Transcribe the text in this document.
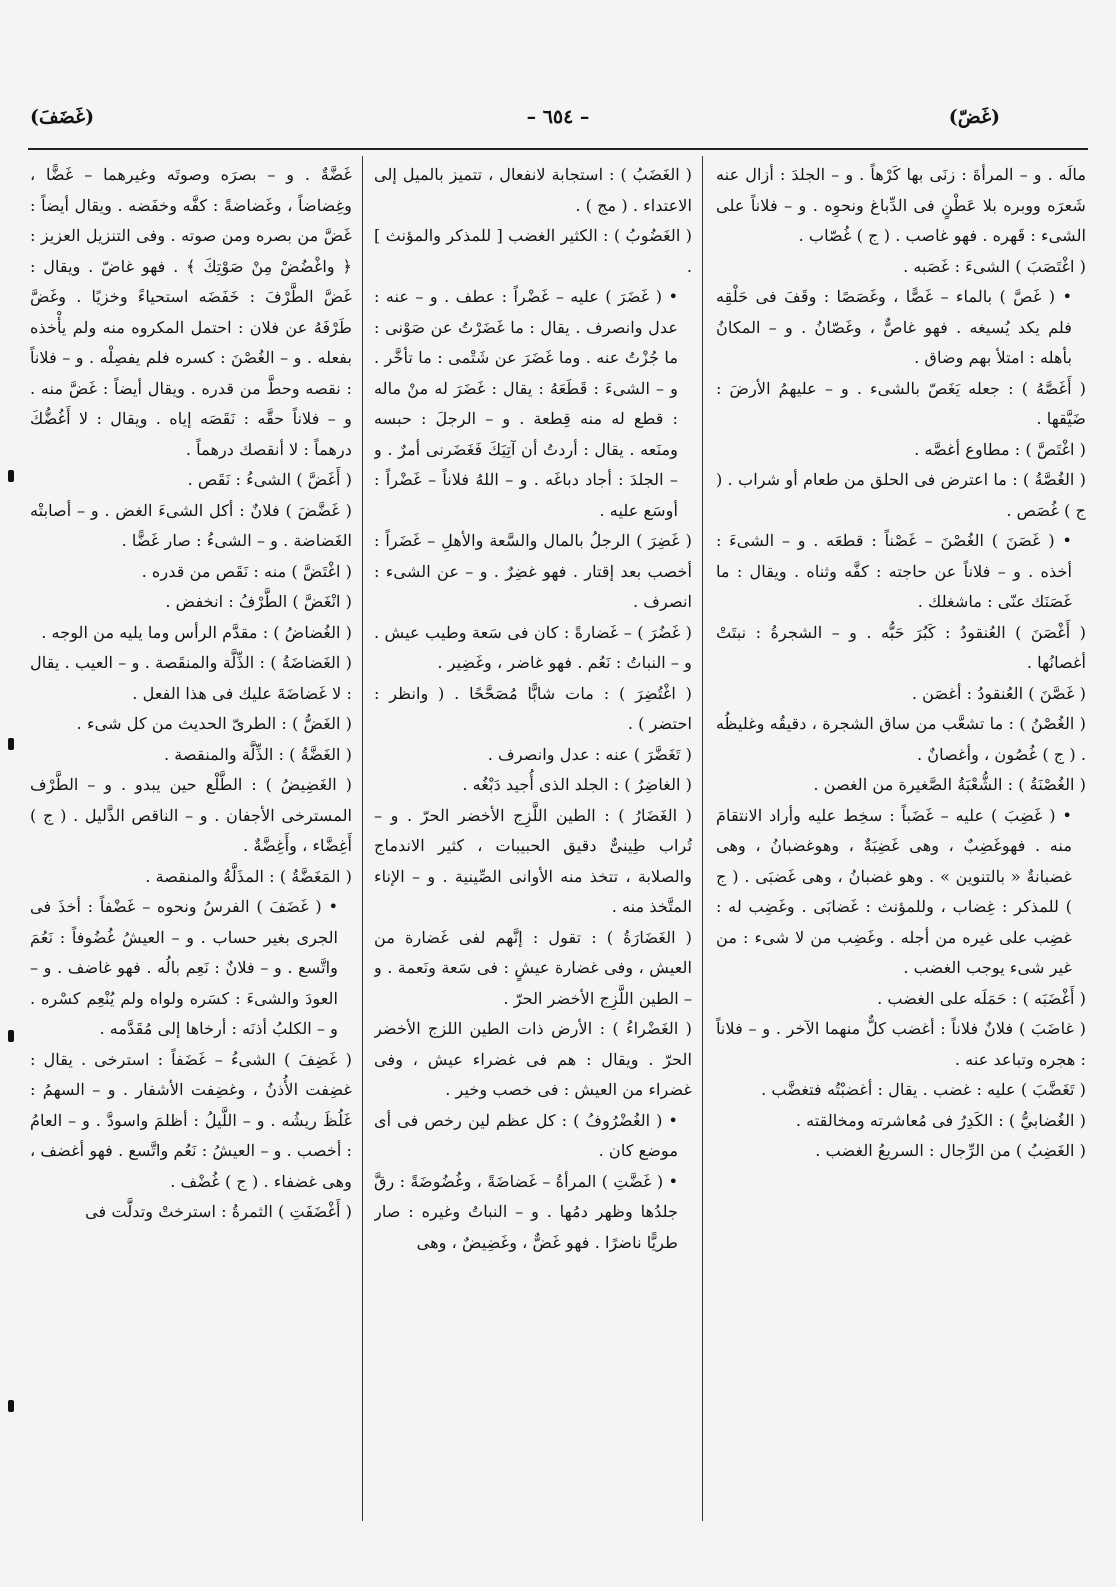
(غَضّ)
– ٦٥٤ –
(غَضَفَ)

مالَه . و – المرأةَ : زنَى بها كَرْهاً . و – الجلدَ : أزال عنه شَعرَه ووبره بلا عَطْنٍ فى الدِّباغ ونحوِه . و – فلاناً على الشىء : قَهره . فهو غاصب . ( ج ) غُصّاب .

( اغْتَصَبَ ) الشىءَ : غَصَبه .

• ( غَصَّ ) بالماء – غَصًّا ، وغَصَصًا : وقَفَ فى حَلْقِه فلم يكد يُسيغه . فهو غاصٌّ ، وغَصّانُ . و – المكانُ بأهله : امتلأ بهم وضاق .

( أَغَصَّهُ ) : جعله يَغَصّ بالشىء . و – عليهمُ الأرضَ : ضَيَّقها .

( اغْتَصَّ ) : مطاوع أغصَّه .

( الغُصَّةُ ) : ما اعترض فى الحلق من طعام أو شراب . ( ج ) غُصَص .

• ( غَصَنَ ) الغُصْنَ – غَصْناً : قطعَه . و – الشىءَ : أخذه . و – فلاناً عن حاجته : كفَّه وثناه . ويقال : ما غَصَنَك عنّى : ماشغلك .

( أَغْصَنَ ) العُنقودُ : كَبُرَ حَبُّه . و – الشجرةُ : نبتَتْ أغصانُها .

( غَصَّنَ ) العُنقودُ : أغصَن .

( الغُصْنُ ) : ما تشعَّب من ساق الشجرة ، دقيقُه وغليظُه . ( ج ) غُصُون ، وأغصانٌ .

( الغُصْنَةُ ) : الشُّعْبَةُ الصَّغيرة من الغصن .

• ( غَضِبَ ) عليه – غَضَباً : سخِط عليه وأراد الانتقامَ منه . فهوغَضِبٌ ، وهى غَضِبَةٌ ، وهوغضبانُ ، وهى غضبانةٌ « بالتنوين » . وهو غضبانُ ، وهى غَضبَى . ( ج ) للمذكر : غِضاب ، وللمؤنث : غَضابَى . وغَضِب له : غضِب على غيره من أجله . وغَضِب من لا شىء : من غير شىء يوجب الغضب .

( أَغْضَبَه ) : حَمَلَه على الغضب .

( غاضَبَ ) فلانٌ فلاناً : أغضب كلٌّ منهما الآخر . و – فلاناً : هجره وتباعد عنه .

( تَغَضَّبَ ) عليه : غضب . يقال : أغضبْتُه فتغضَّب .

( الغُضابيُّ ) : الكَدِرُ فى مُعاشرته ومخالقته .

( الغَضِبُ ) من الرِّجال : السريعُ الغضب .

( الغَضَبُ ) : استجابة لانفعال ، تتميز بالميل إلى الاعتداء . ( مج ) .

( الغَضُوبُ ) : الكثير الغضب [ للمذكر والمؤنث ] .

• ( غَضَرَ ) عليه – غَضْراً : عطف . و – عنه : عدل وانصرف . يقال : ما غَضَرْتُ عن صَوْنى : ما جُزْتُ عنه . وما غَضَرَ عن شَتْمى : ما تأخَّر . و – الشىءَ : قَطَعَهُ : يقال : غَضَرَ له منْ ماله : قطع له منه قِطعة . و – الرجلَ : حبسه ومنَعه . يقال : أردتُ أن آتِيَكَ فَغَضَرنى أمرٌ . و – الجلدَ : أجاد دباغَه . و – اللهُ فلاناً – غَضْراً : أوسَع عليه .

( غَضِرَ ) الرجلُ بالمال والسَّعة والأهلِ – غَضَراً : أخصب بعد إقتار . فهو غضِرٌ . و – عن الشىء : انصرف .

( غَضُرَ ) – غَضارةً : كان فى سَعة وطيب عيش . و – النباتُ : نَعُم . فهو غاضر ، وغَضِير .

( اغْتُضِرَ ) : مات شابًّا مُصَحَّحًا . ( وانظر : احتضر ) .

( تَغَضَّرَ ) عنه : عدل وانصرف .

( الغاضِرُ ) : الجلد الذى أُجيد دَبْغُه .

( الغَضَارُ ) : الطين اللَّزِج الأخضر الحرّ . و – تُراب طِينىٌّ دقيق الحبيبات ، كثير الاندماج والصلابة ، تتخذ منه الأوانى الصِّينية . و – الإناء المتَّخذ منه .

( الغَضَارَةُ ) : تقول : إنَّهم لفى غَضارة من العيش ، وفى غضارة عيشٍ : فى سَعة ونَعمة . و – الطين اللَّزِج الأخضر الحرّ .

( الغَضْراءُ ) : الأرض ذات الطين اللزج الأخضر الحرّ . ويقال : هم فى غضراء عيش ، وفى غضراء من العيش : فى خصب وخير .

• ( الغُضْرُوفُ ) : كل عظم لين رخص فى أى موضع كان .

• ( غَضَّتِ ) المرأةُ – غَضاضَةً ، وغُضُوضَةً : رقَّ جلدُها وظهر دمُها . و – النباتُ وغيره : صار طريًّا ناضرًا . فهو غَضٌّ ، وغَضِيضٌ ، وهى

غَضَّةٌ . و – بصرَه وصوتَه وغيرهما – غَضًّا ، وغِضاضاً ، وغَضاضةً : كفَّه وخفَضه . ويقال أيضاً : غَضَّ من بصره ومن صوته . وفى التنزيل العزيز : ﴿ واغْضُضْ مِنْ صَوْتِكَ ﴾ . فهو غاضّ . ويقال : غَضَّ الطَّرْفَ : خَفَضَه استحياءً وخزيًا . وغَضَّ طَرْفَهُ عن فلان : احتمل المكروه منه ولم يأْخذه بفعله . و – الغُصْنَ : كسره فلم يفصِلْه . و – فلاناً : نقصه وحطَّ من قدره . ويقال أيضاً : غَضَّ منه . و – فلاناً حقَّه : نَقَصَه إياه . ويقال : لا أَغُضُّكَ درهماً : لا أنقصك درهماً .

( أَغَضَّ ) الشىءُ : نَقَص .

( غَضَّضَ ) فلانٌ : أكل الشىءَ الغض . و – أصابتْه الغَضاضة . و – الشىءُ : صار غَضًّا .

( اغْتَضَّ ) منه : نَقَص من قدره .

( انْغَضَّ ) الطَّرْفُ : انخفض .

( الغُضاضُ ) : مقدَّم الرأس وما يليه من الوجه .

( الغَضاضَةُ ) : الذِّلَّة والمنقَصة . و – العيب . يقال : لا غَضاضَةَ عليك فى هذا الفعل .

( الغَضُّ ) : الطرىّ الحديث من كل شىء .

( الغَضَّةُ ) : الذِّلَّة والمنقصة .

( الغَضِيضُ ) : الطَّلْع حين يبدو . و – الطَّرْف المسترخى الأجفان . و – الناقص الذَّليل . ( ج ) أَغِضَّاء ، وأَغِضَّةٌ .

( المَغَضَّةُ ) : المذَلَّةُ والمنقصة .

• ( غَضَفَ ) الفرسُ ونحوه – غَضْفاً : أخذَ فى الجرى بغير حساب . و – العيشُ غُضُوفاً : نَعُمَ واتَّسع . و – فلانٌ : نَعِم بالُه . فهو غاضف . و – العودَ والشىءَ : كسَره ولواه ولم يُنْعِم كسْره . و – الكلبُ أذنَه : أرخاها إلى مُقَدَّمه .

( غَضِفَ ) الشىءُ – غَضَفاً : استرخى . يقال : غضِفت الأُذنُ ، وغضِفت الأشفار . و – السهمُ : غَلُظَ ريشُه . و – اللَّيلُ : أظلمَ واسودَّ . و – العامُ : أخصب . و – العيشُ : نَعُم واتَّسع . فهو أغضف ، وهى غضفاء . ( ج ) غُضْف .

( أَغْضَفَتِ ) الثمرةُ : استرختْ وتدلَّت فى
